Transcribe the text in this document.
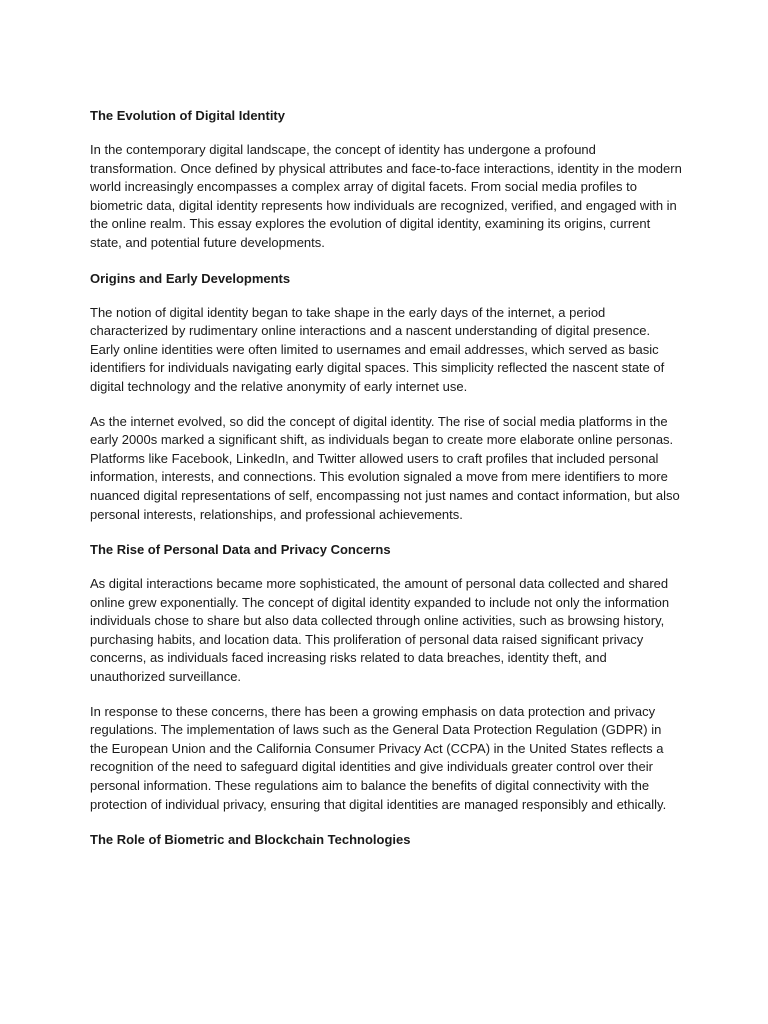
The Evolution of Digital Identity

In the contemporary digital landscape, the concept of identity has undergone a profound transformation. Once defined by physical attributes and face-to-face interactions, identity in the modern world increasingly encompasses a complex array of digital facets. From social media profiles to biometric data, digital identity represents how individuals are recognized, verified, and engaged with in the online realm. This essay explores the evolution of digital identity, examining its origins, current state, and potential future developments.

Origins and Early Developments

The notion of digital identity began to take shape in the early days of the internet, a period characterized by rudimentary online interactions and a nascent understanding of digital presence. Early online identities were often limited to usernames and email addresses, which served as basic identifiers for individuals navigating early digital spaces. This simplicity reflected the nascent state of digital technology and the relative anonymity of early internet use.

As the internet evolved, so did the concept of digital identity. The rise of social media platforms in the early 2000s marked a significant shift, as individuals began to create more elaborate online personas. Platforms like Facebook, LinkedIn, and Twitter allowed users to craft profiles that included personal information, interests, and connections. This evolution signaled a move from mere identifiers to more nuanced digital representations of self, encompassing not just names and contact information, but also personal interests, relationships, and professional achievements.

The Rise of Personal Data and Privacy Concerns

As digital interactions became more sophisticated, the amount of personal data collected and shared online grew exponentially. The concept of digital identity expanded to include not only the information individuals chose to share but also data collected through online activities, such as browsing history, purchasing habits, and location data. This proliferation of personal data raised significant privacy concerns, as individuals faced increasing risks related to data breaches, identity theft, and unauthorized surveillance.

In response to these concerns, there has been a growing emphasis on data protection and privacy regulations. The implementation of laws such as the General Data Protection Regulation (GDPR) in the European Union and the California Consumer Privacy Act (CCPA) in the United States reflects a recognition of the need to safeguard digital identities and give individuals greater control over their personal information. These regulations aim to balance the benefits of digital connectivity with the protection of individual privacy, ensuring that digital identities are managed responsibly and ethically.

The Role of Biometric and Blockchain Technologies
